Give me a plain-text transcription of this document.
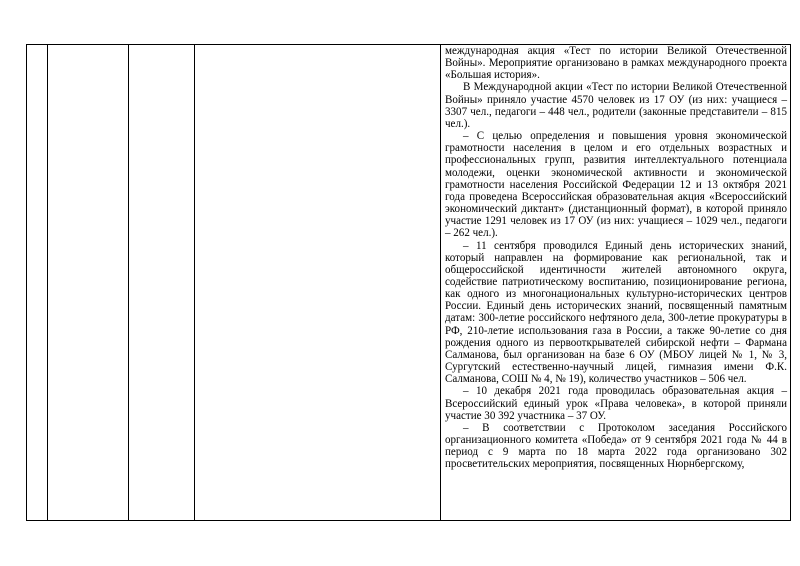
международная акция «Тест по истории Великой Отечественной Войны». Мероприятие организовано в рамках международного проекта «Большая история».

В Международной акции «Тест по истории Великой Отечественной Войны» приняло участие 4570 человек из 17 ОУ (из них: учащиеся – 3307 чел., педагоги – 448 чел., родители (законные представители – 815 чел.).

– С целью определения и повышения уровня экономической грамотности населения в целом и его отдельных возрастных и профессиональных групп, развития интеллектуального потенциала молодежи, оценки экономической активности и экономической грамотности населения Российской Федерации 12 и 13 октября 2021 года проведена Всероссийская образовательная акция «Всероссийский экономический диктант» (дистанционный формат), в которой приняло участие 1291 человек из 17 ОУ (из них: учащиеся – 1029 чел., педагоги – 262 чел.).

– 11 сентября проводился Единый день исторических знаний, который направлен на формирование как региональной, так и общероссийской идентичности жителей автономного округа, содействие патриотическому воспитанию, позиционирование региона, как одного из многонациональных культурно-исторических центров России. Единый день исторических знаний, посвященный памятным датам: 300-летие российского нефтяного дела, 300-летие прокуратуры в РФ, 210-летие использования газа в России, а также 90-летие со дня рождения одного из первооткрывателей сибирской нефти – Фармана Салманова, был организован на базе 6 ОУ (МБОУ лицей № 1, № 3, Сургутский естественно-научный лицей, гимназия имени Ф.К. Салманова, СОШ № 4, № 19), количество участников – 506 чел.

– 10 декабря 2021 года проводилась образовательная акция – Всероссийский единый урок «Права человека», в которой приняли участие 30 392 участника – 37 ОУ.

– В соответствии с Протоколом заседания Российского организационного комитета «Победа» от 9 сентября 2021 года № 44 в период с 9 марта по 18 марта 2022 года организовано 302 просветительских мероприятия, посвященных Нюрнбергскому,
